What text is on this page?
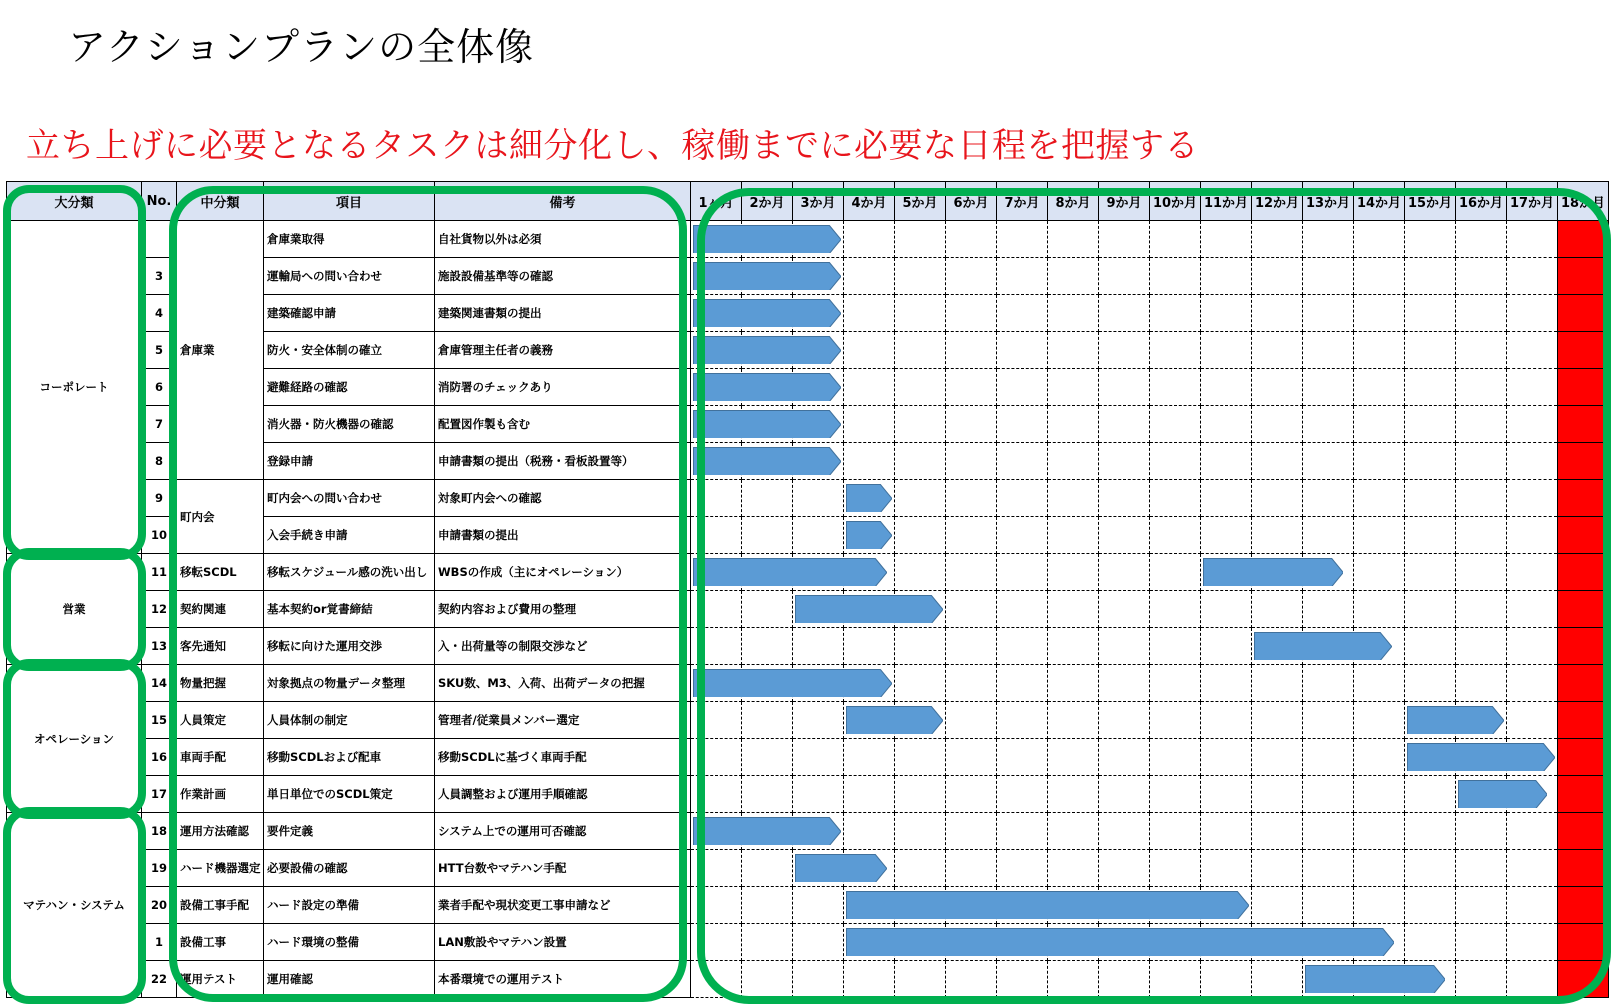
アクションプランの全体像
立ち上げに必要となるタスクは細分化し、稼働までに必要な日程を把握する
大分類	No.	中分類	項目	備考	1ヶ月	2か月	3か月	4か月	5か月	6か月	7か月	8か月	9か月	10か月	11か月	12か月	13か月	14か月	15か月	16か月	17か月	18か月
コーポレート		倉庫業	倉庫業取得	自社貨物以外は必須																		
	3		運輸局への問い合わせ	施設設備基準等の確認																		
	4		建築確認申請	建築関連書類の提出																		
	5		防火・安全体制の確立	倉庫管理主任者の義務																		
	6		避難経路の確認	消防署のチェックあり																		
	7		消火器・防火機器の確認	配置図作製も含む																		
	8		登録申請	申請書類の提出（税務・看板設置等）																		
	9	町内会	町内会への問い合わせ	対象町内会への確認																		
	10		入会手続き申請	申請書類の提出																		
営業	11	移転SCDL	移転スケジュール感の洗い出し	WBSの作成（主にオペレーション）																		
	12	契約関連	基本契約or覚書締結	契約内容および費用の整理																		
	13	客先通知	移転に向けた運用交渉	入・出荷量等の制限交渉など																		
オペレーション	14	物量把握	対象拠点の物量データ整理	SKU数、M3、入荷、出荷データの把握																		
	15	人員策定	人員体制の制定	管理者/従業員メンバー選定																		
	16	車両手配	移動SCDLおよび配車	移動SCDLに基づく車両手配																		
	17	作業計画	単日単位でのSCDL策定	人員調整および運用手順確認																		
マテハン・システム	18	運用方法確認	要件定義	システム上での運用可否確認																		
	19	ハード機器選定	必要設備の確認	HTT台数やマテハン手配																		
	20	設備工事手配	ハード設定の準備	業者手配や現状変更工事申請など																		
	1	設備工事	ハード環境の整備	LAN敷設やマテハン設置																		
	22	運用テスト	運用確認	本番環境での運用テスト																		
